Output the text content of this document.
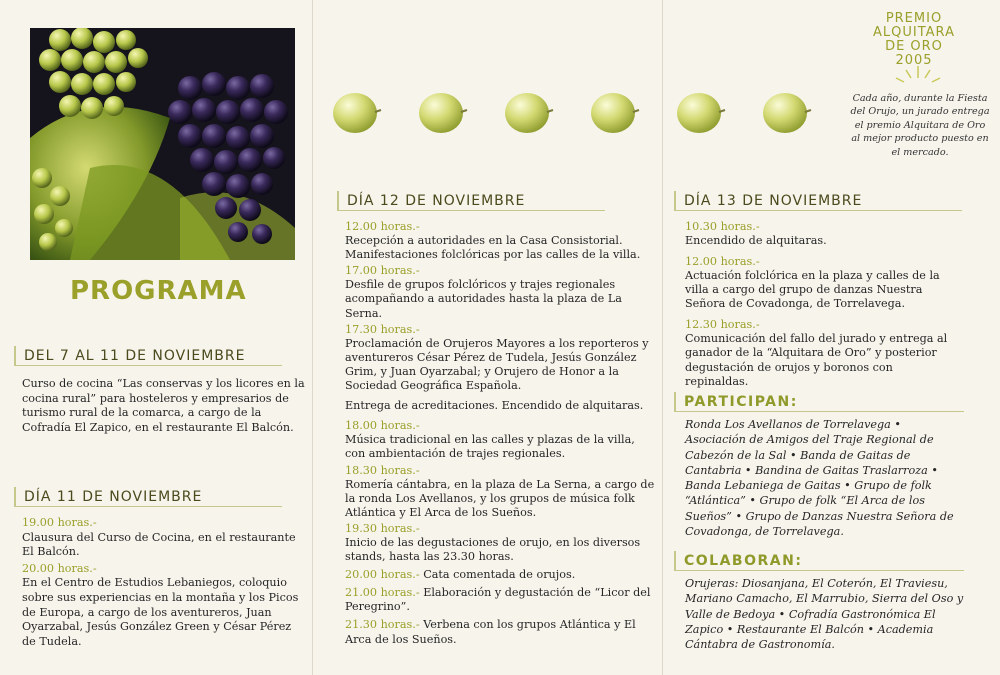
PROGRAMA
DEL 7 AL 11 DE NOVIEMBRE
Curso de cocina “Las conservas y los licores en la cocina rural” para hosteleros y empresarios de turismo rural de la comarca, a cargo de la Cofradía El Zapico, en el restaurante El Balcón.
DÍA 11 DE NOVIEMBRE
19.00 horas.-
Clausura del Curso de Cocina, en el restaurante El Balcón.
20.00 horas.-
En el Centro de Estudios Lebaniegos, coloquio sobre sus experiencias en la montaña y los Picos de Europa, a cargo de los aventureros, Juan Oyarzabal, Jesús González Green y César Pérez de Tudela.
DÍA 12 DE NOVIEMBRE
12.00 horas.-
Recepción a autoridades en la Casa Consistorial. Manifestaciones folclóricas por las calles de la villa.
17.00 horas.-
Desfile de grupos folclóricos y trajes regionales acompañando a autoridades hasta la plaza de La Serna.
17.30 horas.-
Proclamación de Orujeros Mayores a los reporteros y aventureros César Pérez de Tudela, Jesús González Grim, y Juan Oyarzabal; y Orujero de Honor a la Sociedad Geográfica Española.
Entrega de acreditaciones. Encendido de alquitaras.
18.00 horas.-
Música tradicional en las calles y plazas de la villa, con ambientación de trajes regionales.
18.30 horas.-
Romería cántabra, en la plaza de La Serna, a cargo de la ronda Los Avellanos, y los grupos de música folk Atlántica y El Arca de los Sueños.
19.30 horas.-
Inicio de las degustaciones de orujo, en los diversos stands, hasta las 23.30 horas.
20.00 horas.- Cata comentada de orujos.
21.00 horas.- Elaboración y degustación de “Licor del Peregrino”.
21.30 horas.- Verbena con los grupos Atlántica y El Arca de los Sueños.
PREMIO ALQUITARA DE ORO 2005
Cada año, durante la Fiesta del Orujo, un jurado entrega el premio Alquitara de Oro al mejor producto puesto en el mercado.
DÍA 13 DE NOVIEMBRE
10.30 horas.-
Encendido de alquitaras.
12.00 horas.-
Actuación folclórica en la plaza y calles de la villa a cargo del grupo de danzas Nuestra Señora de Covadonga, de Torrelavega.
12.30 horas.-
Comunicación del fallo del jurado y entrega al ganador de la “Alquitara de Oro” y posterior degustación de orujos y boronos con repinaldas.
PARTICIPAN:
Ronda Los Avellanos de Torrelavega • Asociación de Amigos del Traje Regional de Cabezón de la Sal • Banda de Gaitas de Cantabria • Bandina de Gaitas Traslarroza • Banda Lebaniega de Gaitas • Grupo de folk “Atlántica” • Grupo de folk “El Arca de los Sueños” • Grupo de Danzas Nuestra Señora de Covadonga, de Torrelavega.
COLABORAN:
Orujeras: Diosanjana, El Coterón, El Traviesu, Mariano Camacho, El Marrubio, Sierra del Oso y Valle de Bedoya • Cofradía Gastronómica El Zapico • Restaurante El Balcón • Academia Cántabra de Gastronomía.
